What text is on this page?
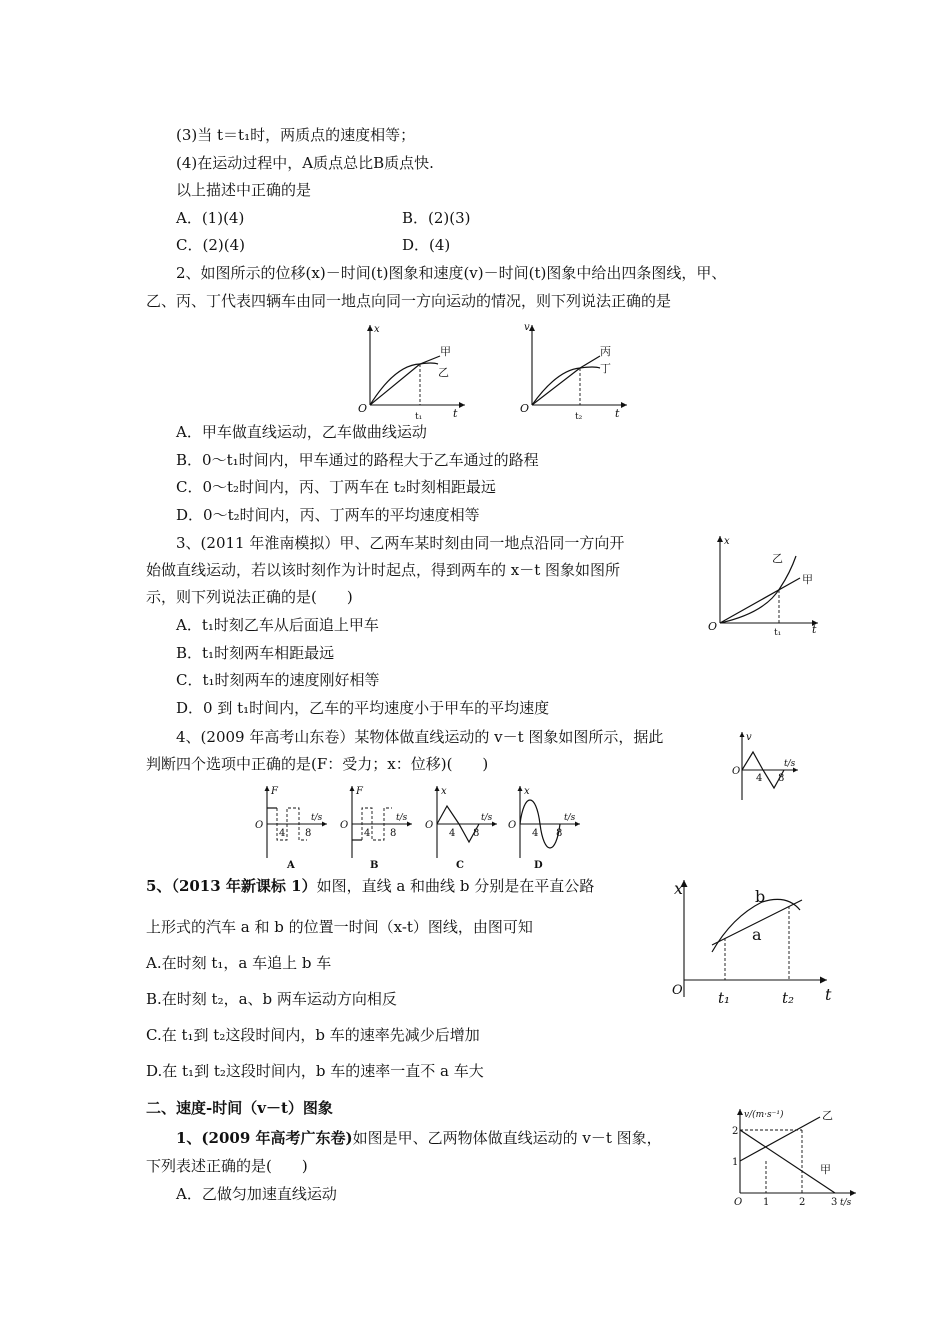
(3)当 t＝t₁时，两质点的速度相等；
(4)在运动过程中，A质点总比B质点快.
以上描述中正确的是
A．(1)(4)	B．(2)(3)
C．(2)(4)	D．(4)
2、如图所示的位移(x)－时间(t)图象和速度(v)－时间(t)图象中给出四条图线，甲、
乙、丙、丁代表四辆车由同一地点向同一方向运动的情况，则下列说法正确的是
x
O	t
t₁
甲
乙
v
O	t
t₂
丙
丁
A．甲车做直线运动，乙车做曲线运动
B．0～t₁时间内，甲车通过的路程大于乙车通过的路程
C．0～t₂时间内，丙、丁两车在 t₂时刻相距最远
D．0～t₂时间内，丙、丁两车的平均速度相等
3、(2011 年淮南模拟）甲、乙两车某时刻由同一地点沿同一方向开
始做直线运动，若以该时刻作为计时起点，得到两车的 x－t 图象如图所
示，则下列说法正确的是(　　)
x
O	t
t₁
乙
甲
A．t₁时刻乙车从后面追上甲车
B．t₁时刻两车相距最远
C．t₁时刻两车的速度刚好相等
D．0 到 t₁时间内，乙车的平均速度小于甲车的平均速度
4、(2009 年高考山东卷）某物体做直线运动的 v－t 图象如图所示，据此
判断四个选项中正确的是(F：受力；x：位移)(　　)
v
O
t/s
4 8
F
O
t/s
4 8
A
F
O
t/s
4 8
B
x
O
t/s
4 8
C
x
O
t/s
4 8
D
5、（2013 年新课标 1）如图，直线 a 和曲线 b 分别是在平直公路
上形式的汽车 a 和 b 的位置一时间（x-t）图线，由图可知
x
O	t
t₁	t₂
a
b
A.在时刻 t₁，a 车追上 b 车
B.在时刻 t₂，a、b 两车运动方向相反
C.在 t₁到 t₂这段时间内，b 车的速率先减少后增加
D.在 t₁到 t₂这段时间内，b 车的速率一直不 a 车大
二、速度-时间（v－t）图象
1、(2009 年高考广东卷)如图是甲、乙两物体做直线运动的 v－t 图象，
下列表述正确的是(　　)
A．乙做匀加速直线运动
v/(m·s⁻¹)
O	t/s
1
2
1	2	3
乙
甲
